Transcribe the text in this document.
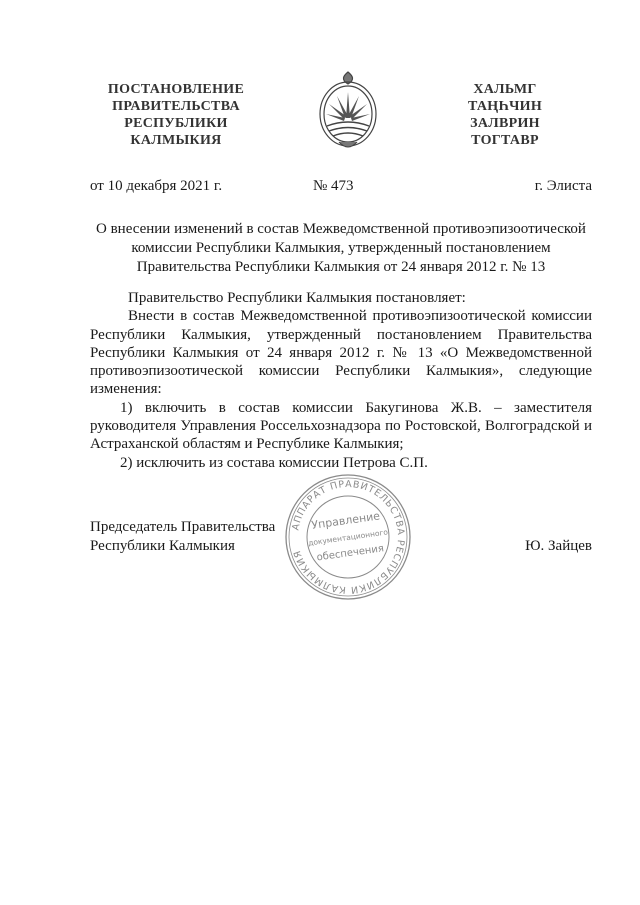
ПОСТАНОВЛЕНИЕ
ПРАВИТЕЛЬСТВА
РЕСПУБЛИКИ
КАЛМЫКИЯ
ХАЛЬМГ
ТАҢҺЧИН
ЗАЛВРИН
ТОГТАВР
от 10 декабря 2021 г.	№ 473	г. Элиста
О внесении изменений в состав Межведомственной противоэпизоотической
комиссии Республики Калмыкия, утвержденный постановлением
Правительства Республики Калмыкия от 24 января 2012 г. № 13

Правительство Республики Калмыкия постановляет:

Внести в состав Межведомственной противоэпизоотической комиссии Республики Калмыкия, утвержденный постановлением Правительства Республики Калмыкия от 24 января 2012 г. № 13 «О Межведомственной противоэпизоотической комиссии Республики Калмыкия», следующие изменения:

1) включить в состав комиссии Бакугинова Ж.В. – заместителя руководителя Управления Россельхознадзора по Ростовской, Волгоградской и Астраханской областям и Республике Калмыкия;

2) исключить из состава комиссии Петрова С.П.

АППАРАТ ПРАВИТЕЛЬСТВА РЕСПУБЛИКИ КАЛМЫКИЯ
Управление
документационного
обеспечения
Председатель Правительства
Республики Калмыкия	Ю. Зайцев
